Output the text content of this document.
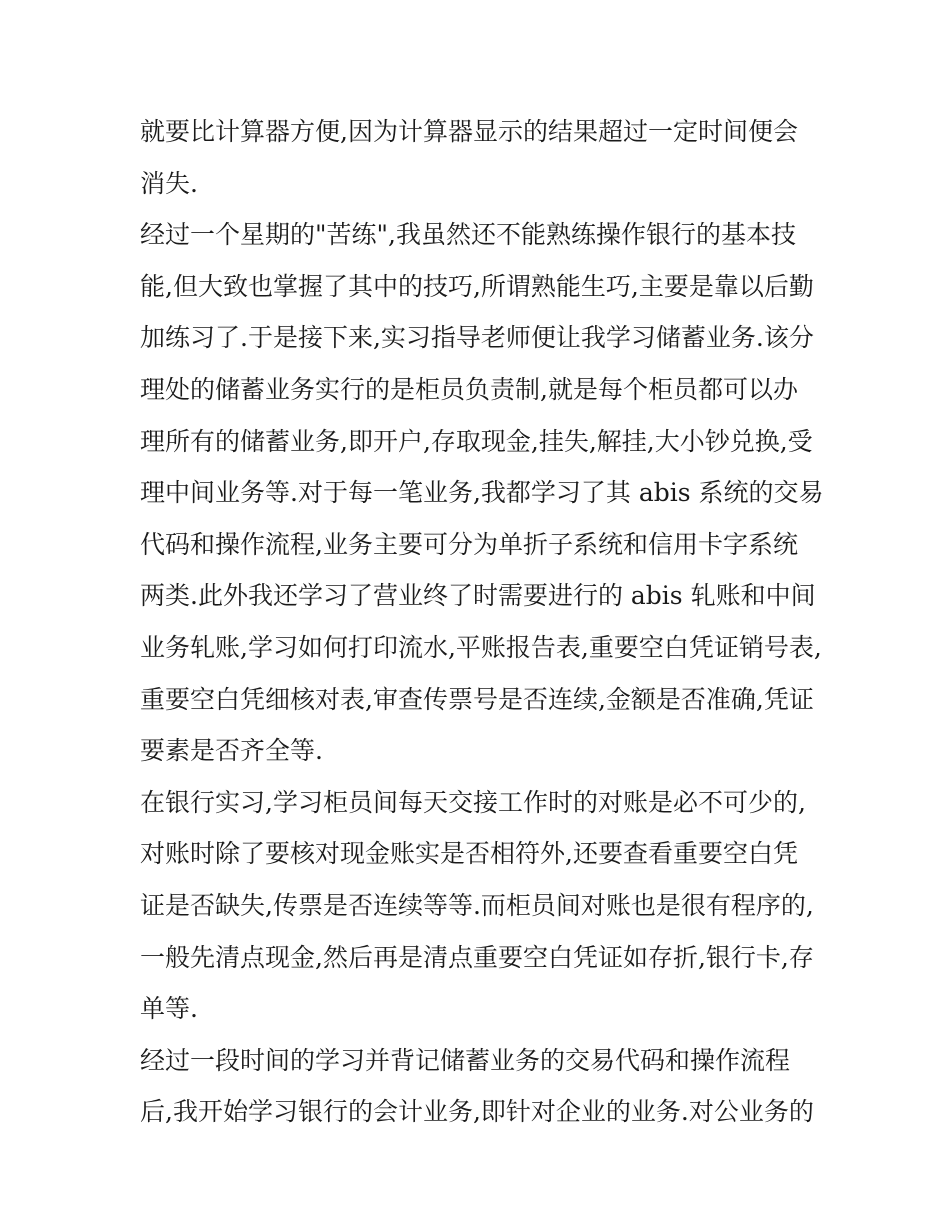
就要比计算器方便,因为计算器显示的结果超过一定时间便会
消失.
经过一个星期的"苦练",我虽然还不能熟练操作银行的基本技
能,但大致也掌握了其中的技巧,所谓熟能生巧,主要是靠以后勤
加练习了.于是接下来,实习指导老师便让我学习储蓄业务.该分
理处的储蓄业务实行的是柜员负责制,就是每个柜员都可以办
理所有的储蓄业务,即开户,存取现金,挂失,解挂,大小钞兑换,受
理中间业务等.对于每一笔业务,我都学习了其 abis 系统的交易
代码和操作流程,业务主要可分为单折子系统和信用卡字系统
两类.此外我还学习了营业终了时需要进行的 abis 轧账和中间
业务轧账,学习如何打印流水,平账报告表,重要空白凭证销号表,
重要空白凭细核对表,审查传票号是否连续,金额是否准确,凭证
要素是否齐全等.
在银行实习,学习柜员间每天交接工作时的对账是必不可少的,
对账时除了要核对现金账实是否相符外,还要查看重要空白凭
证是否缺失,传票是否连续等等.而柜员间对账也是很有程序的,
一般先清点现金,然后再是清点重要空白凭证如存折,银行卡,存
单等.
经过一段时间的学习并背记储蓄业务的交易代码和操作流程
后,我开始学习银行的会计业务,即针对企业的业务.对公业务的
